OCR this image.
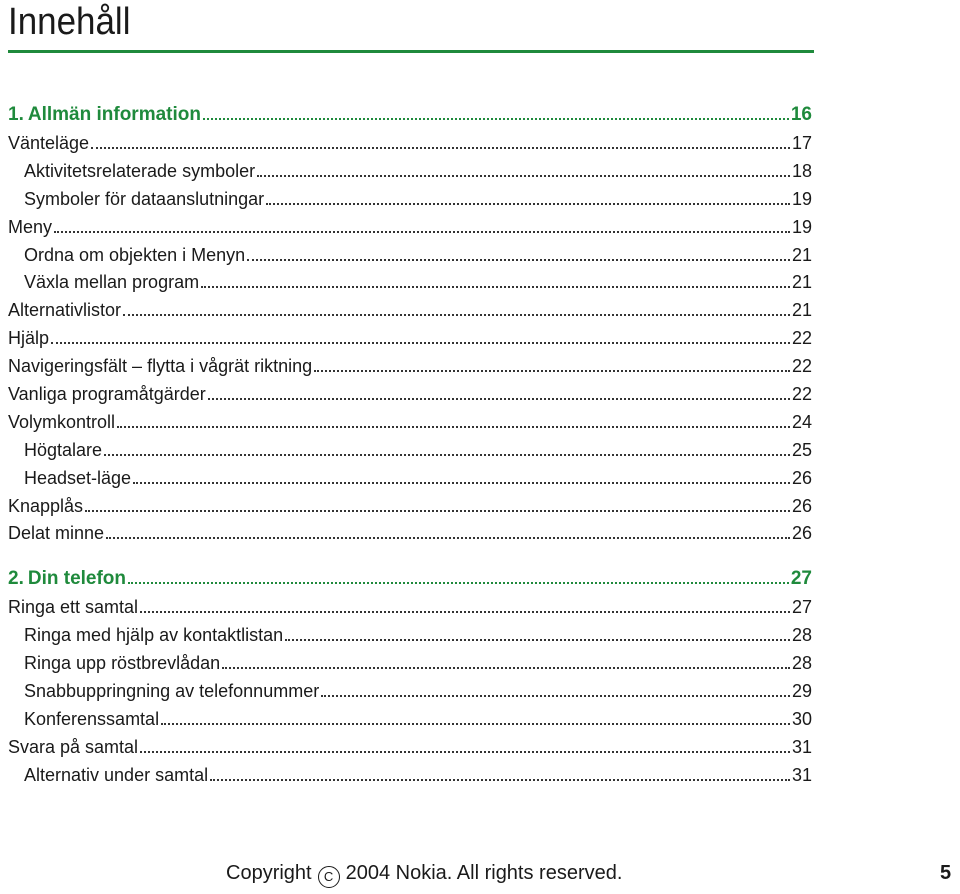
Innehåll
1. Allmän information	16
Vänteläge	17
Aktivitetsrelaterade symboler	18
Symboler för dataanslutningar	19
Meny	19
Ordna om objekten i Menyn	21
Växla mellan program	21
Alternativlistor	21
Hjälp	22
Navigeringsfält – flytta i vågrät riktning	22
Vanliga programåtgärder	22
Volymkontroll	24
Högtalare	25
Headset-läge	26
Knapplås	26
Delat minne	26
2. Din telefon	27
Ringa ett samtal	27
Ringa med hjälp av kontaktlistan	28
Ringa upp röstbrevlådan	28
Snabbuppringning av telefonnummer	29
Konferenssamtal	30
Svara på samtal	31
Alternativ under samtal	31
Copyright C 2004 Nokia. All rights reserved.	5
